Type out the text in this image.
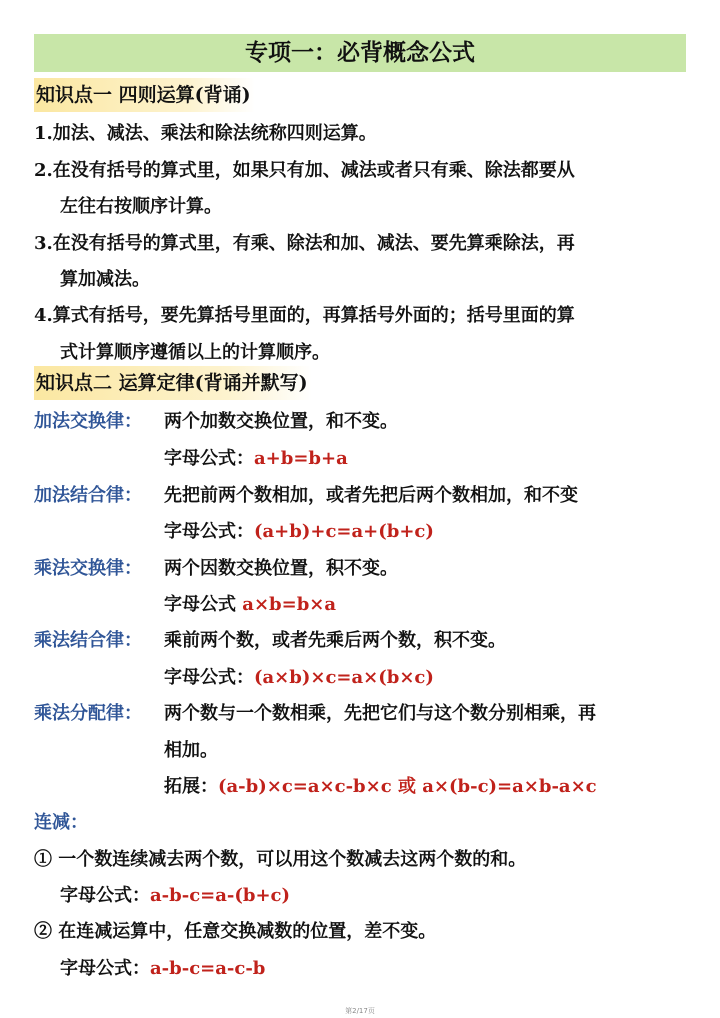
专项一：必背概念公式
知识点一 四则运算(背诵)
1.加法、减法、乘法和除法统称四则运算。
2.在没有括号的算式里，如果只有加、减法或者只有乘、除法都要从
左往右按顺序计算。
3.在没有括号的算式里，有乘、除法和加、减法、要先算乘除法，再
算加减法。
4.算式有括号，要先算括号里面的，再算括号外面的；括号里面的算
式计算顺序遵循以上的计算顺序。
知识点二 运算定律(背诵并默写)
加法交换律： 两个加数交换位置，和不变。
字母公式：a+b=b+a
加法结合律： 先把前两个数相加，或者先把后两个数相加，和不变
字母公式：(a+b)+c=a+(b+c)
乘法交换律： 两个因数交换位置，积不变。
字母公式 a×b=b×a
乘法结合律： 乘前两个数，或者先乘后两个数，积不变。
字母公式：(a×b)×c=a×(b×c)
乘法分配律： 两个数与一个数相乘，先把它们与这个数分别相乘，再
相加。
拓展：(a-b)×c=a×c-b×c 或 a×(b-c)=a×b-a×c
连减：
① 一个数连续减去两个数，可以用这个数减去这两个数的和。
字母公式：a-b-c=a-(b+c)
② 在连减运算中，任意交换减数的位置，差不变。
字母公式：a-b-c=a-c-b
第2/17页
